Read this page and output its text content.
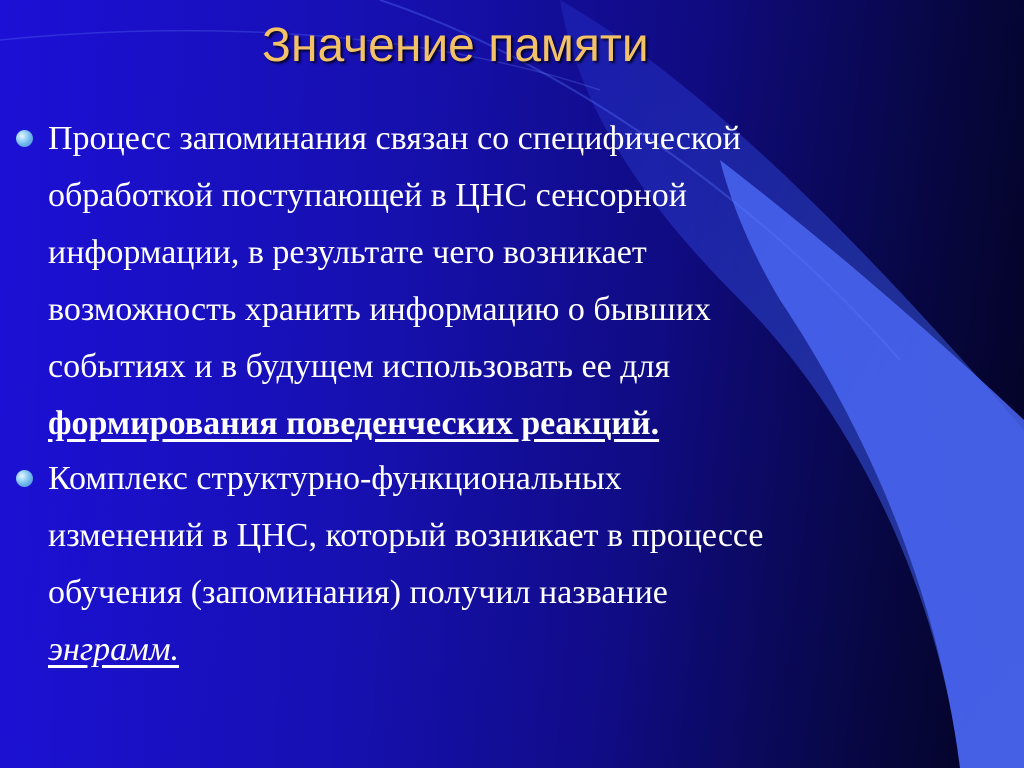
Значение памяти
Процесс запоминания связан со специфической
обработкой поступающей в ЦНС сенсорной
информации, в результате чего возникает
возможность хранить информацию о бывших
событиях и в будущем использовать ее для
формирования поведенческих реакций.
Комплекс структурно-функциональных
изменений в ЦНС, который возникает в процессе
обучения (запоминания) получил название
энграмм.
